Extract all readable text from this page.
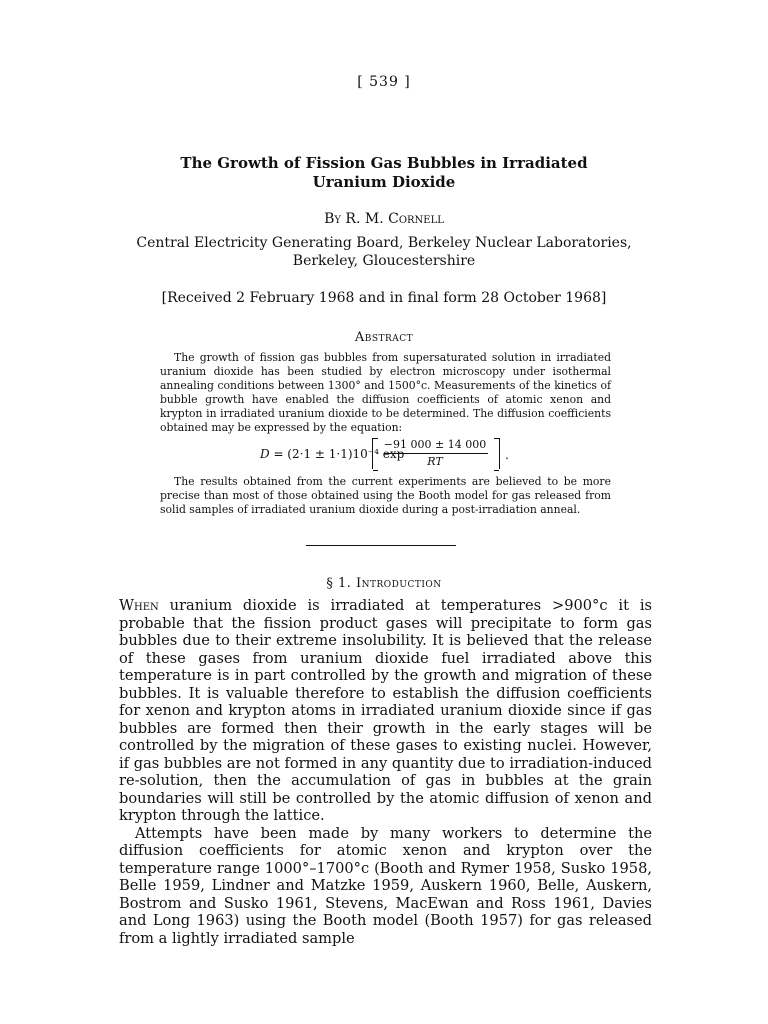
[ 539 ]
The Growth of Fission Gas Bubbles in Irradiated
Uranium Dioxide
By R. M. Cornell
Central Electricity Generating Board, Berkeley Nuclear Laboratories,
Berkeley, Gloucestershire
[Received 2 February 1968 and in final form 28 October 1968]
Abstract
The growth of fission gas bubbles from supersaturated solution in irradiated uranium dioxide has been studied by electron microscopy under isothermal annealing conditions between 1300° and 1500°c. Measurements of the kinetics of bubble growth have enabled the diffusion coefficients of atomic xenon and krypton in irradiated uranium dioxide to be determined. The diffusion coefficients obtained may be expressed by the equation:
D = (2·1 ± 1·1)10⁻⁴ exp
−91 000 ± 14 000
RT	.
The results obtained from the current experiments are believed to be more precise than most of those obtained using the Booth model for gas released from solid samples of irradiated uranium dioxide during a post-irradiation anneal.
§ 1. Introduction

When uranium dioxide is irradiated at temperatures >900°c it is probable that the fission product gases will precipitate to form gas bubbles due to their extreme insolubility. It is believed that the release of these gases from uranium dioxide fuel irradiated above this temperature is in part controlled by the growth and migration of these bubbles. It is valuable therefore to establish the diffusion coefficients for xenon and krypton atoms in irradiated uranium dioxide since if gas bubbles are formed then their growth in the early stages will be controlled by the migration of these gases to existing nuclei. However, if gas bubbles are not formed in any quantity due to irradiation-induced re-solution, then the accumulation of gas in bubbles at the grain boundaries will still be controlled by the atomic diffusion of xenon and krypton through the lattice.

Attempts have been made by many workers to determine the diffusion coefficients for atomic xenon and krypton over the temperature range 1000°–1700°c (Booth and Rymer 1958, Susko 1958, Belle 1959, Lindner and Matzke 1959, Auskern 1960, Belle, Auskern, Bostrom and Susko 1961, Stevens, MacEwan and Ross 1961, Davies and Long 1963) using the Booth model (Booth 1957) for gas released from a lightly irradiated sample
